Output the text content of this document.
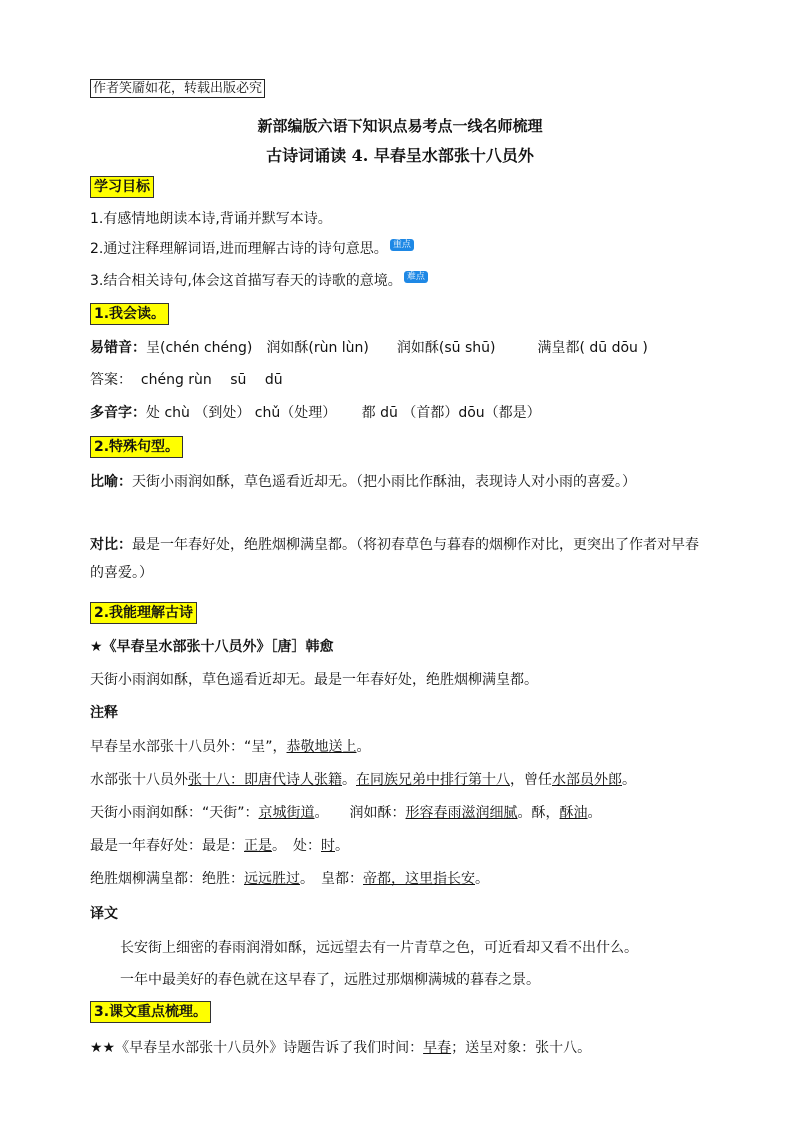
作者笑靥如花，转载出版必究
新部编版六语下知识点易考点一线名师梳理
古诗词诵读 4. 早春呈水部张十八员外
学习目标
1.有感情地朗读本诗,背诵并默写本诗。
2.通过注释理解词语,进而理解古诗的诗句意思。 重点
3.结合相关诗句,体会这首描写春天的诗歌的意境。 难点
1.我会读。
易错音：呈(chén chéng)　润如酥(rùn lùn)　　润如酥(sū shū)　　　满皇都( dū dōu )
答案： chéng rùn　 sū　 dū
多音字：处 chù （到处） chǔ（处理）　　 都 dū （首都）dōu（都是）
2.特殊句型。
比喻：天街小雨润如酥，草色遥看近却无。（把小雨比作酥油，表现诗人对小雨的喜爱。）
对比：最是一年春好处，绝胜烟柳满皇都。（将初春草色与暮春的烟柳作对比，更突出了作者对早春的喜爱。）
2.我能理解古诗
★《早春呈水部张十八员外》［唐］韩愈
天街小雨润如酥，草色遥看近却无。最是一年春好处，绝胜烟柳满皇都。
注释
早春呈水部张十八员外：“呈”，恭敬地送上。
水部张十八员外张十八：即唐代诗人张籍。在同族兄弟中排行第十八，曾任水部员外郎。
天街小雨润如酥：“天街”：京城街道。　　润如酥：形容春雨滋润细腻。酥，酥油。
最是一年春好处：最是：正是。　处：时。
绝胜烟柳满皇都：绝胜：远远胜过。　皇都：帝都，这里指长安。
译文
长安街上细密的春雨润滑如酥，远远望去有一片青草之色，可近看却又看不出什么。
一年中最美好的春色就在这早春了，远胜过那烟柳满城的暮春之景。
3.课文重点梳理。
★★《早春呈水部张十八员外》诗题告诉了我们时间：早春；送呈对象：张十八。
